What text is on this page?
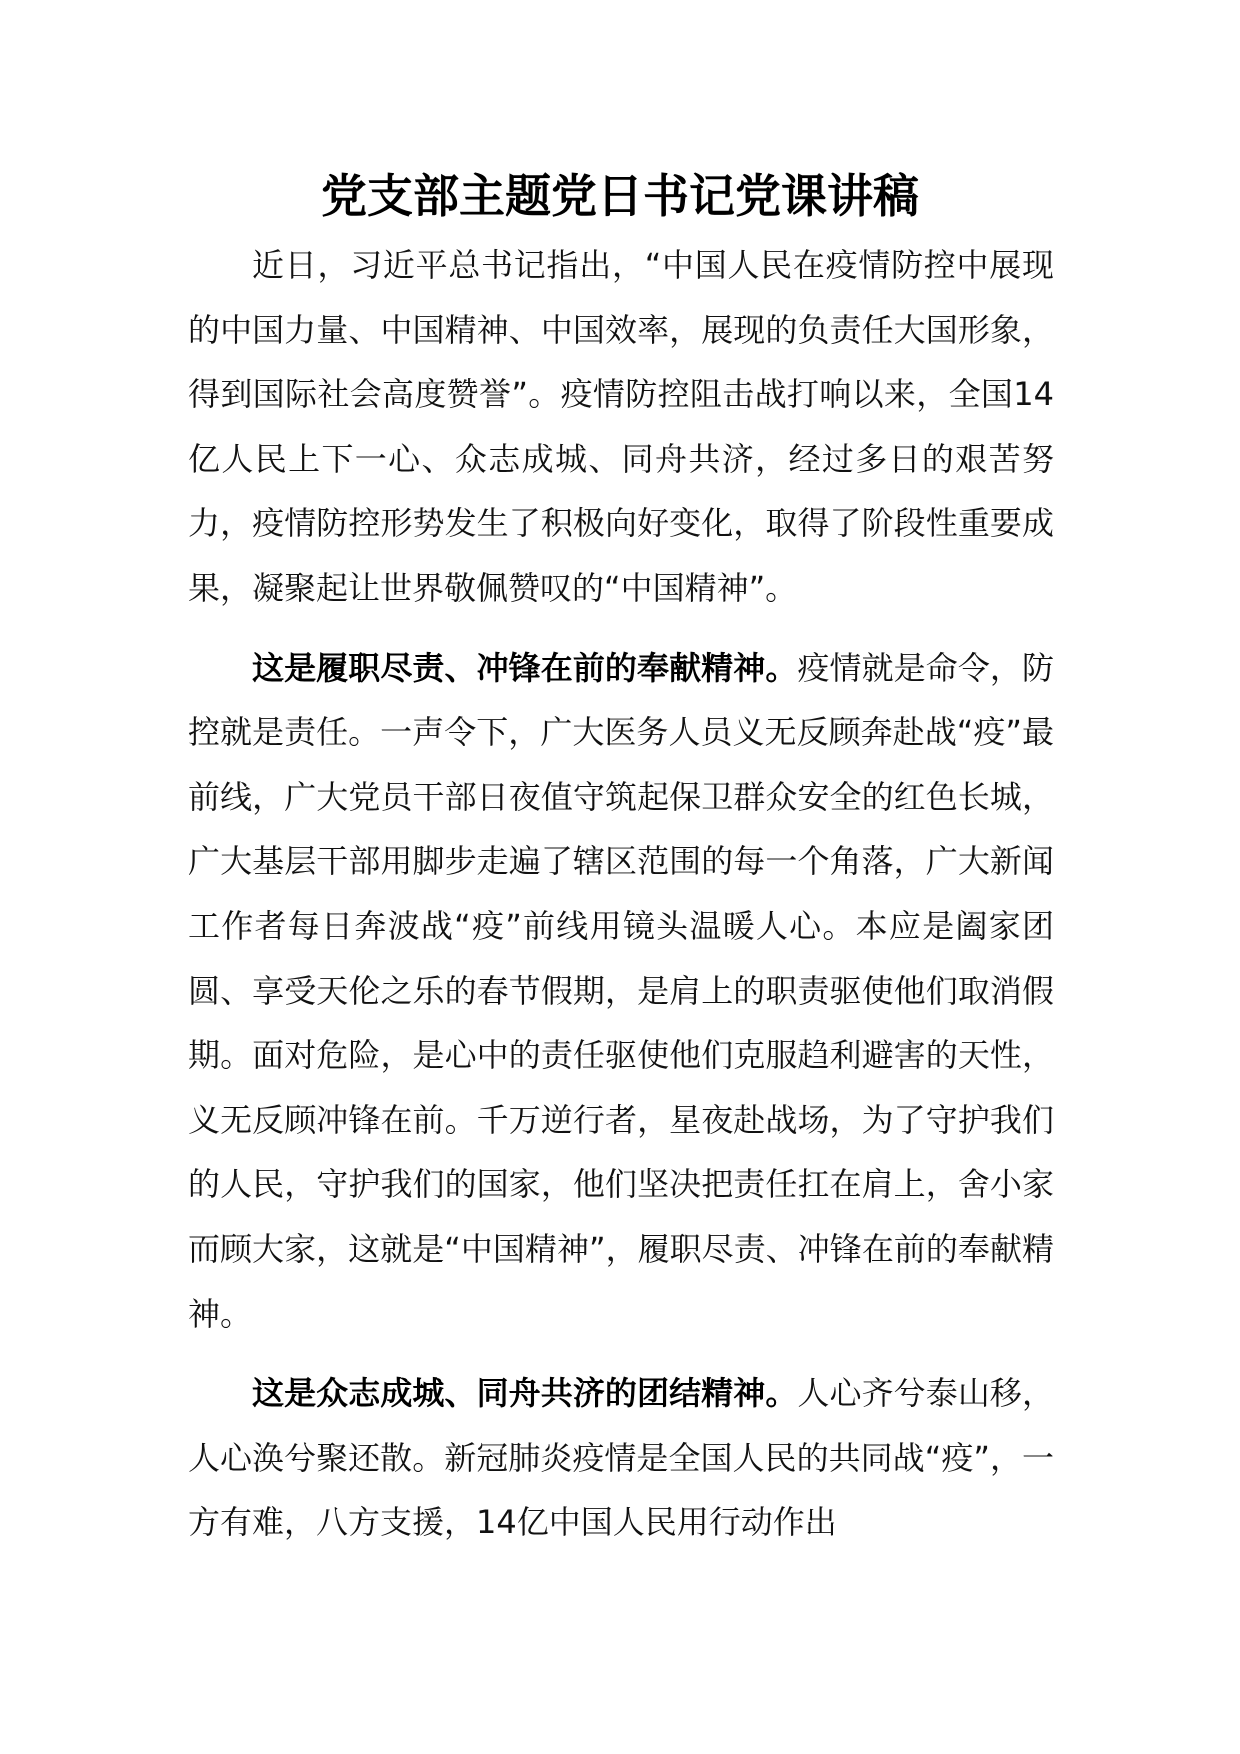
党支部主题党日书记党课讲稿

近日，习近平总书记指出，“中国人民在疫情防控中展现的中国力量、中国精神、中国效率，展现的负责任大国形象，得到国际社会高度赞誉”。疫情防控阻击战打响以来，全国14亿人民上下一心、众志成城、同舟共济，经过多日的艰苦努力，疫情防控形势发生了积极向好变化，取得了阶段性重要成果，凝聚起让世界敬佩赞叹的“中国精神”。

这是履职尽责、冲锋在前的奉献精神。疫情就是命令，防控就是责任。一声令下，广大医务人员义无反顾奔赴战“疫”最前线，广大党员干部日夜值守筑起保卫群众安全的红色长城，广大基层干部用脚步走遍了辖区范围的每一个角落，广大新闻工作者每日奔波战“疫”前线用镜头温暖人心。本应是阖家团圆、享受天伦之乐的春节假期，是肩上的职责驱使他们取消假期。面对危险，是心中的责任驱使他们克服趋利避害的天性，义无反顾冲锋在前。千万逆行者，星夜赴战场，为了守护我们的人民，守护我们的国家，他们坚决把责任扛在肩上，舍小家而顾大家，这就是“中国精神”，履职尽责、冲锋在前的奉献精神。

这是众志成城、同舟共济的团结精神。人心齐兮泰山移，人心涣兮聚还散。新冠肺炎疫情是全国人民的共同战“疫”，一方有难，八方支援，14亿中国人民用行动作出
